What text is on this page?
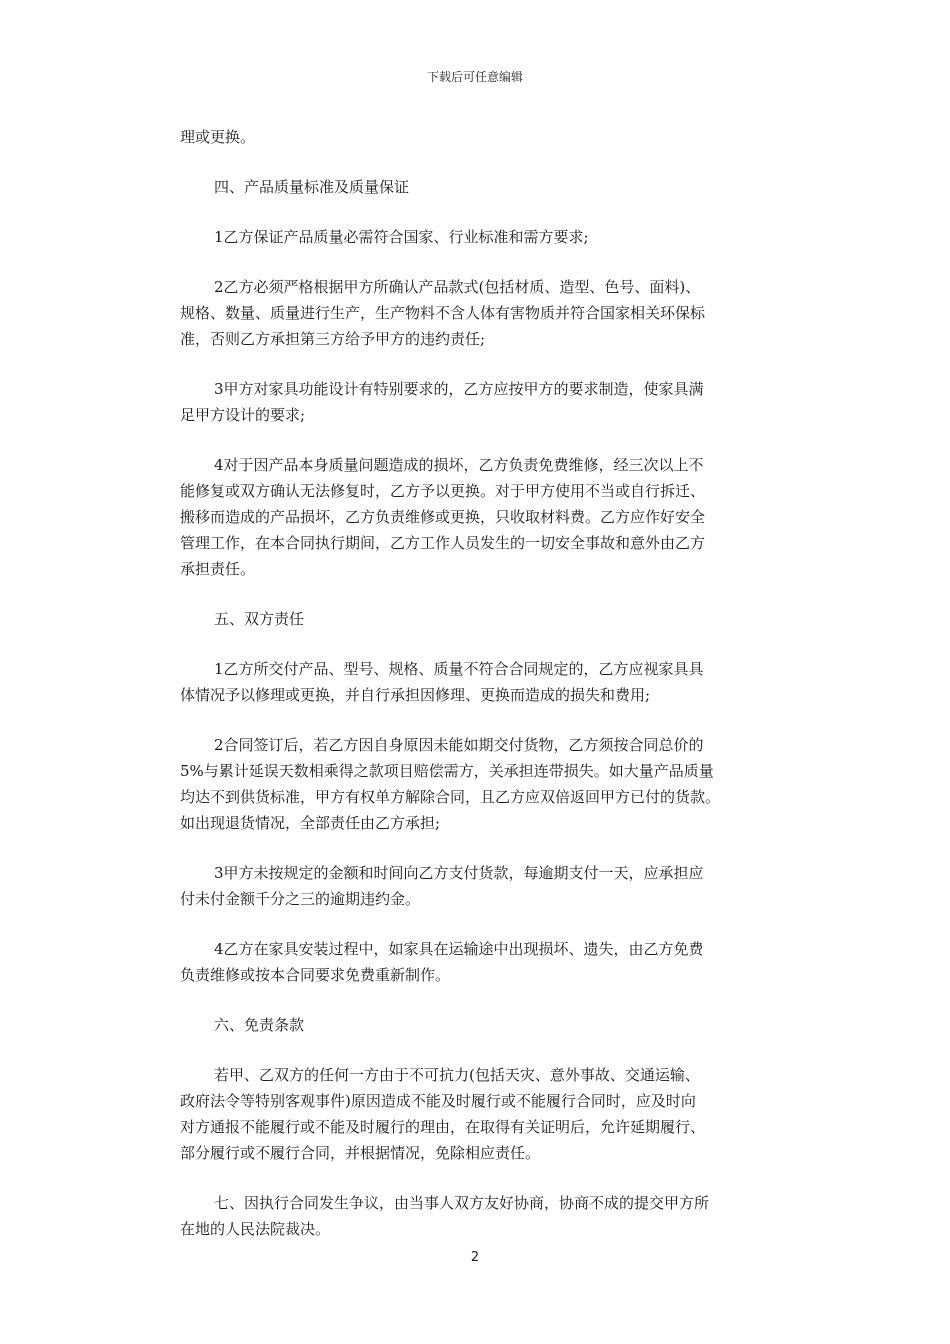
下载后可任意编辑

理或更换。

四、产品质量标准及质量保证

1乙方保证产品质量必需符合国家、行业标准和需方要求;

2乙方必须严格根据甲方所确认产品款式(包括材质、造型、色号、面料)、
规格、数量、质量进行生产，生产物料不含人体有害物质并符合国家相关环保标
准，否则乙方承担第三方给予甲方的违约责任;

3甲方对家具功能设计有特别要求的，乙方应按甲方的要求制造，使家具满
足甲方设计的要求;

4对于因产品本身质量问题造成的损坏，乙方负责免费维修，经三次以上不
能修复或双方确认无法修复时，乙方予以更换。对于甲方使用不当或自行拆迁、
搬移而造成的产品损坏，乙方负责维修或更换，只收取材料费。乙方应作好安全
管理工作，在本合同执行期间，乙方工作人员发生的一切安全事故和意外由乙方
承担责任。

五、双方责任

1乙方所交付产品、型号、规格、质量不符合合同规定的，乙方应视家具具
体情况予以修理或更换，并自行承担因修理、更换而造成的损失和费用;

2合同签订后，若乙方因自身原因未能如期交付货物，乙方须按合同总价的
5%与累计延误天数相乘得之款项目赔偿需方，关承担连带损失。如大量产品质量
均达不到供货标准，甲方有权单方解除合同，且乙方应双倍返回甲方已付的货款。
如出现退货情况，全部责任由乙方承担;

3甲方未按规定的金额和时间向乙方支付货款，每逾期支付一天，应承担应
付未付金额千分之三的逾期违约金。

4乙方在家具安装过程中，如家具在运输途中出现损坏、遗失，由乙方免费
负责维修或按本合同要求免费重新制作。

六、免责条款

若甲、乙双方的任何一方由于不可抗力(包括天灾、意外事故、交通运输、
政府法令等特别客观事件)原因造成不能及时履行或不能履行合同时，应及时向
对方通报不能履行或不能及时履行的理由，在取得有关证明后，允许延期履行、
部分履行或不履行合同，并根据情况，免除相应责任。

七、因执行合同发生争议，由当事人双方友好协商，协商不成的提交甲方所
在地的人民法院裁决。

2
